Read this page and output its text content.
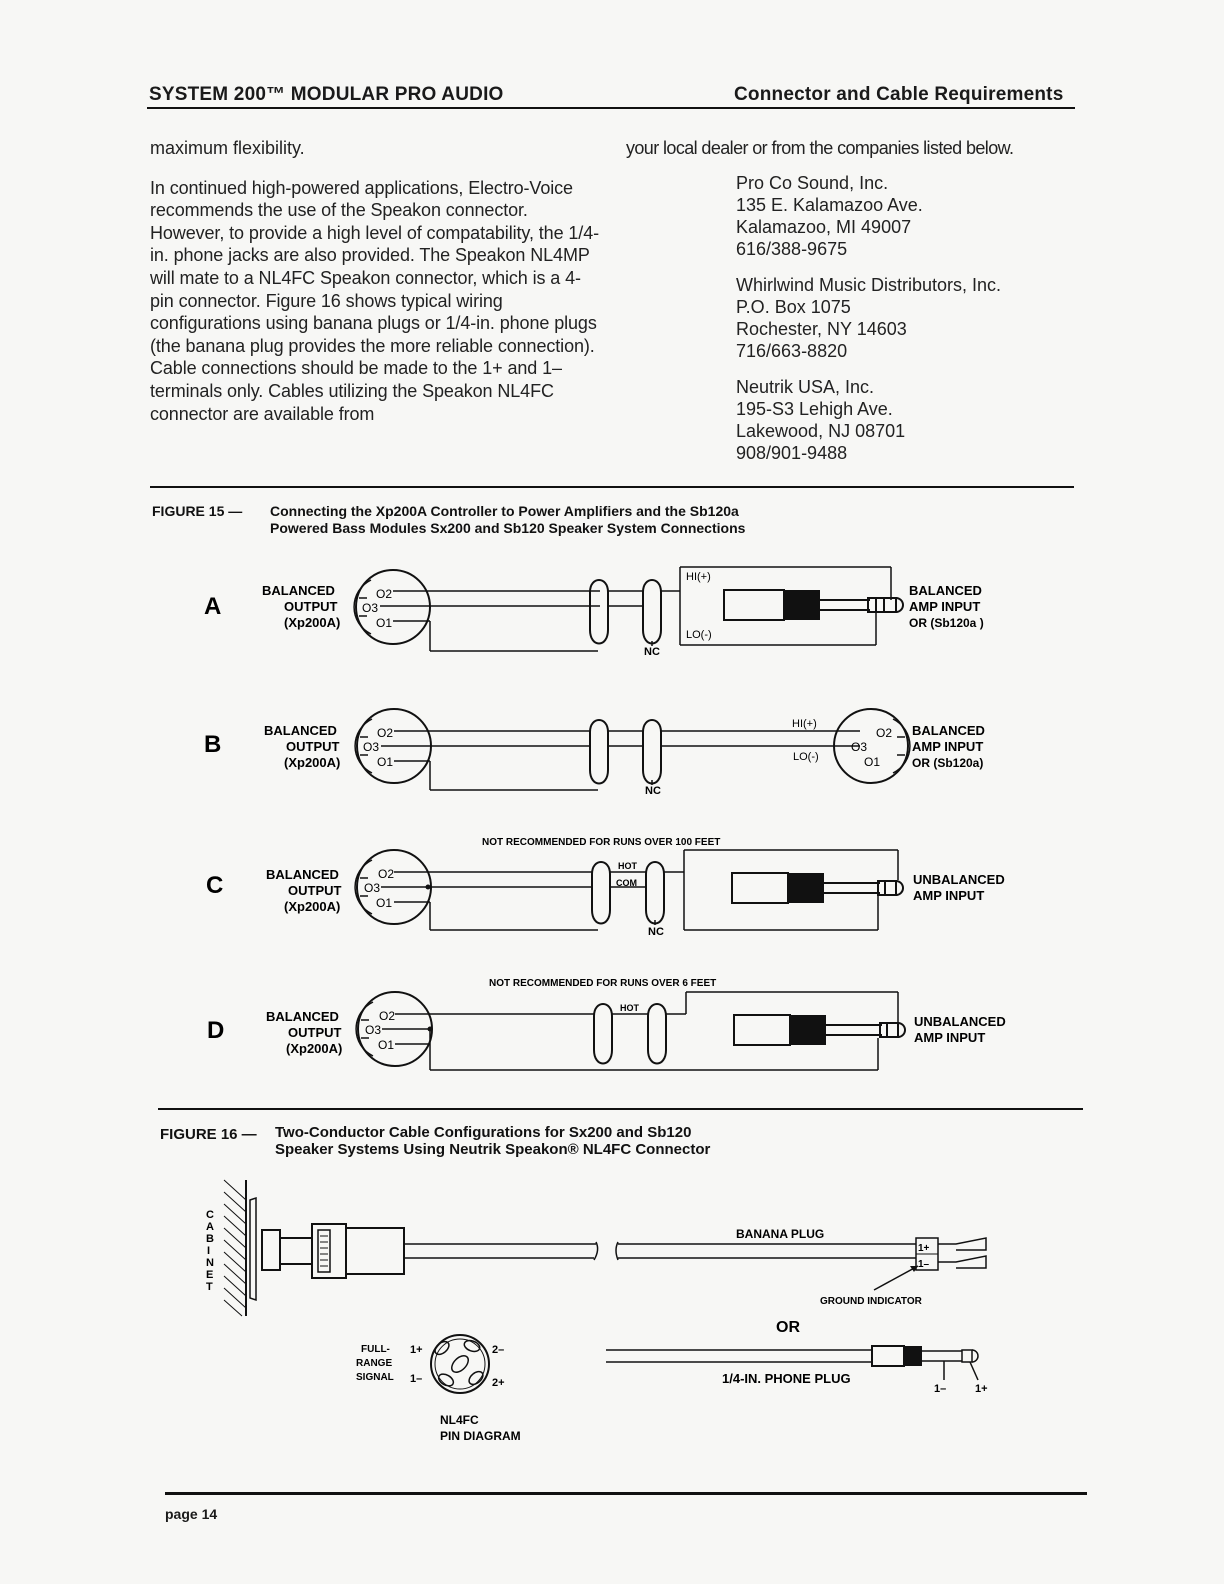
SYSTEM 200™ MODULAR PRO AUDIO	Connector and Cable Requirements

maximum flexibility.

In continued high-powered applications, Electro-Voice recommends the use of the Speakon connector. However, to provide a high level of compatability, the 1/4-in. phone jacks are also provided. The Speakon NL4MP will mate to a NL4FC Speakon connector, which is a 4-pin connector. Figure 16 shows typical wiring configurations using banana plugs or 1/4-in. phone plugs (the banana plug provides the more reliable connection). Cable connections should be made to the 1+ and 1– terminals only. Cables utilizing the Speakon NL4FC connector are available from

your local dealer or from the companies listed below.
Pro Co Sound, Inc.
135 E. Kalamazoo Ave.
Kalamazoo, MI 49007
616/388-9675
Whirlwind Music Distributors, Inc.
P.O. Box 1075
Rochester, NY 14603
716/663-8820
Neutrik USA, Inc.
195-S3 Lehigh Ave.
Lakewood, NJ 08701
908/901-9488
FIGURE 15 — Connecting the Xp200A Controller to Power Amplifiers and the Sb120a
Powered Bass Modules Sx200 and Sb120 Speaker System Connections
A
BALANCED
OUTPUT
(Xp200A)
O2
O3
O1
NC
HI(+)
LO(-)
BALANCED
AMP INPUT
OR (Sb120a )
B
BALANCED
OUTPUT
(Xp200A)
O2
O3
O1
NC
HI(+)
LO(-)
O2
O3
O1
BALANCED
AMP INPUT
OR (Sb120a)
NOT RECOMMENDED FOR RUNS OVER 100 FEET
C	BALANCED
OUTPUT
(Xp200A)
O2
O3
O1
HOT
COM
NC
UNBALANCED
AMP INPUT
NOT RECOMMENDED FOR RUNS OVER 6 FEET
D
BALANCED
OUTPUT
(Xp200A)
O2
O3
O1
HOT
UNBALANCED
AMP INPUT
C A B I N E T
BANANA PLUG
1+
1–
GROUND INDICATOR
OR
1/4-IN. PHONE PLUG
1–	1+
FULL-
RANGE
SIGNAL
1+
1–
2–
2+
NL4FC
PIN DIAGRAM
FIGURE 16 — Two-Conductor Cable Configurations for Sx200 and Sb120
Speaker Systems Using Neutrik Speakon® NL4FC Connector
page 14
